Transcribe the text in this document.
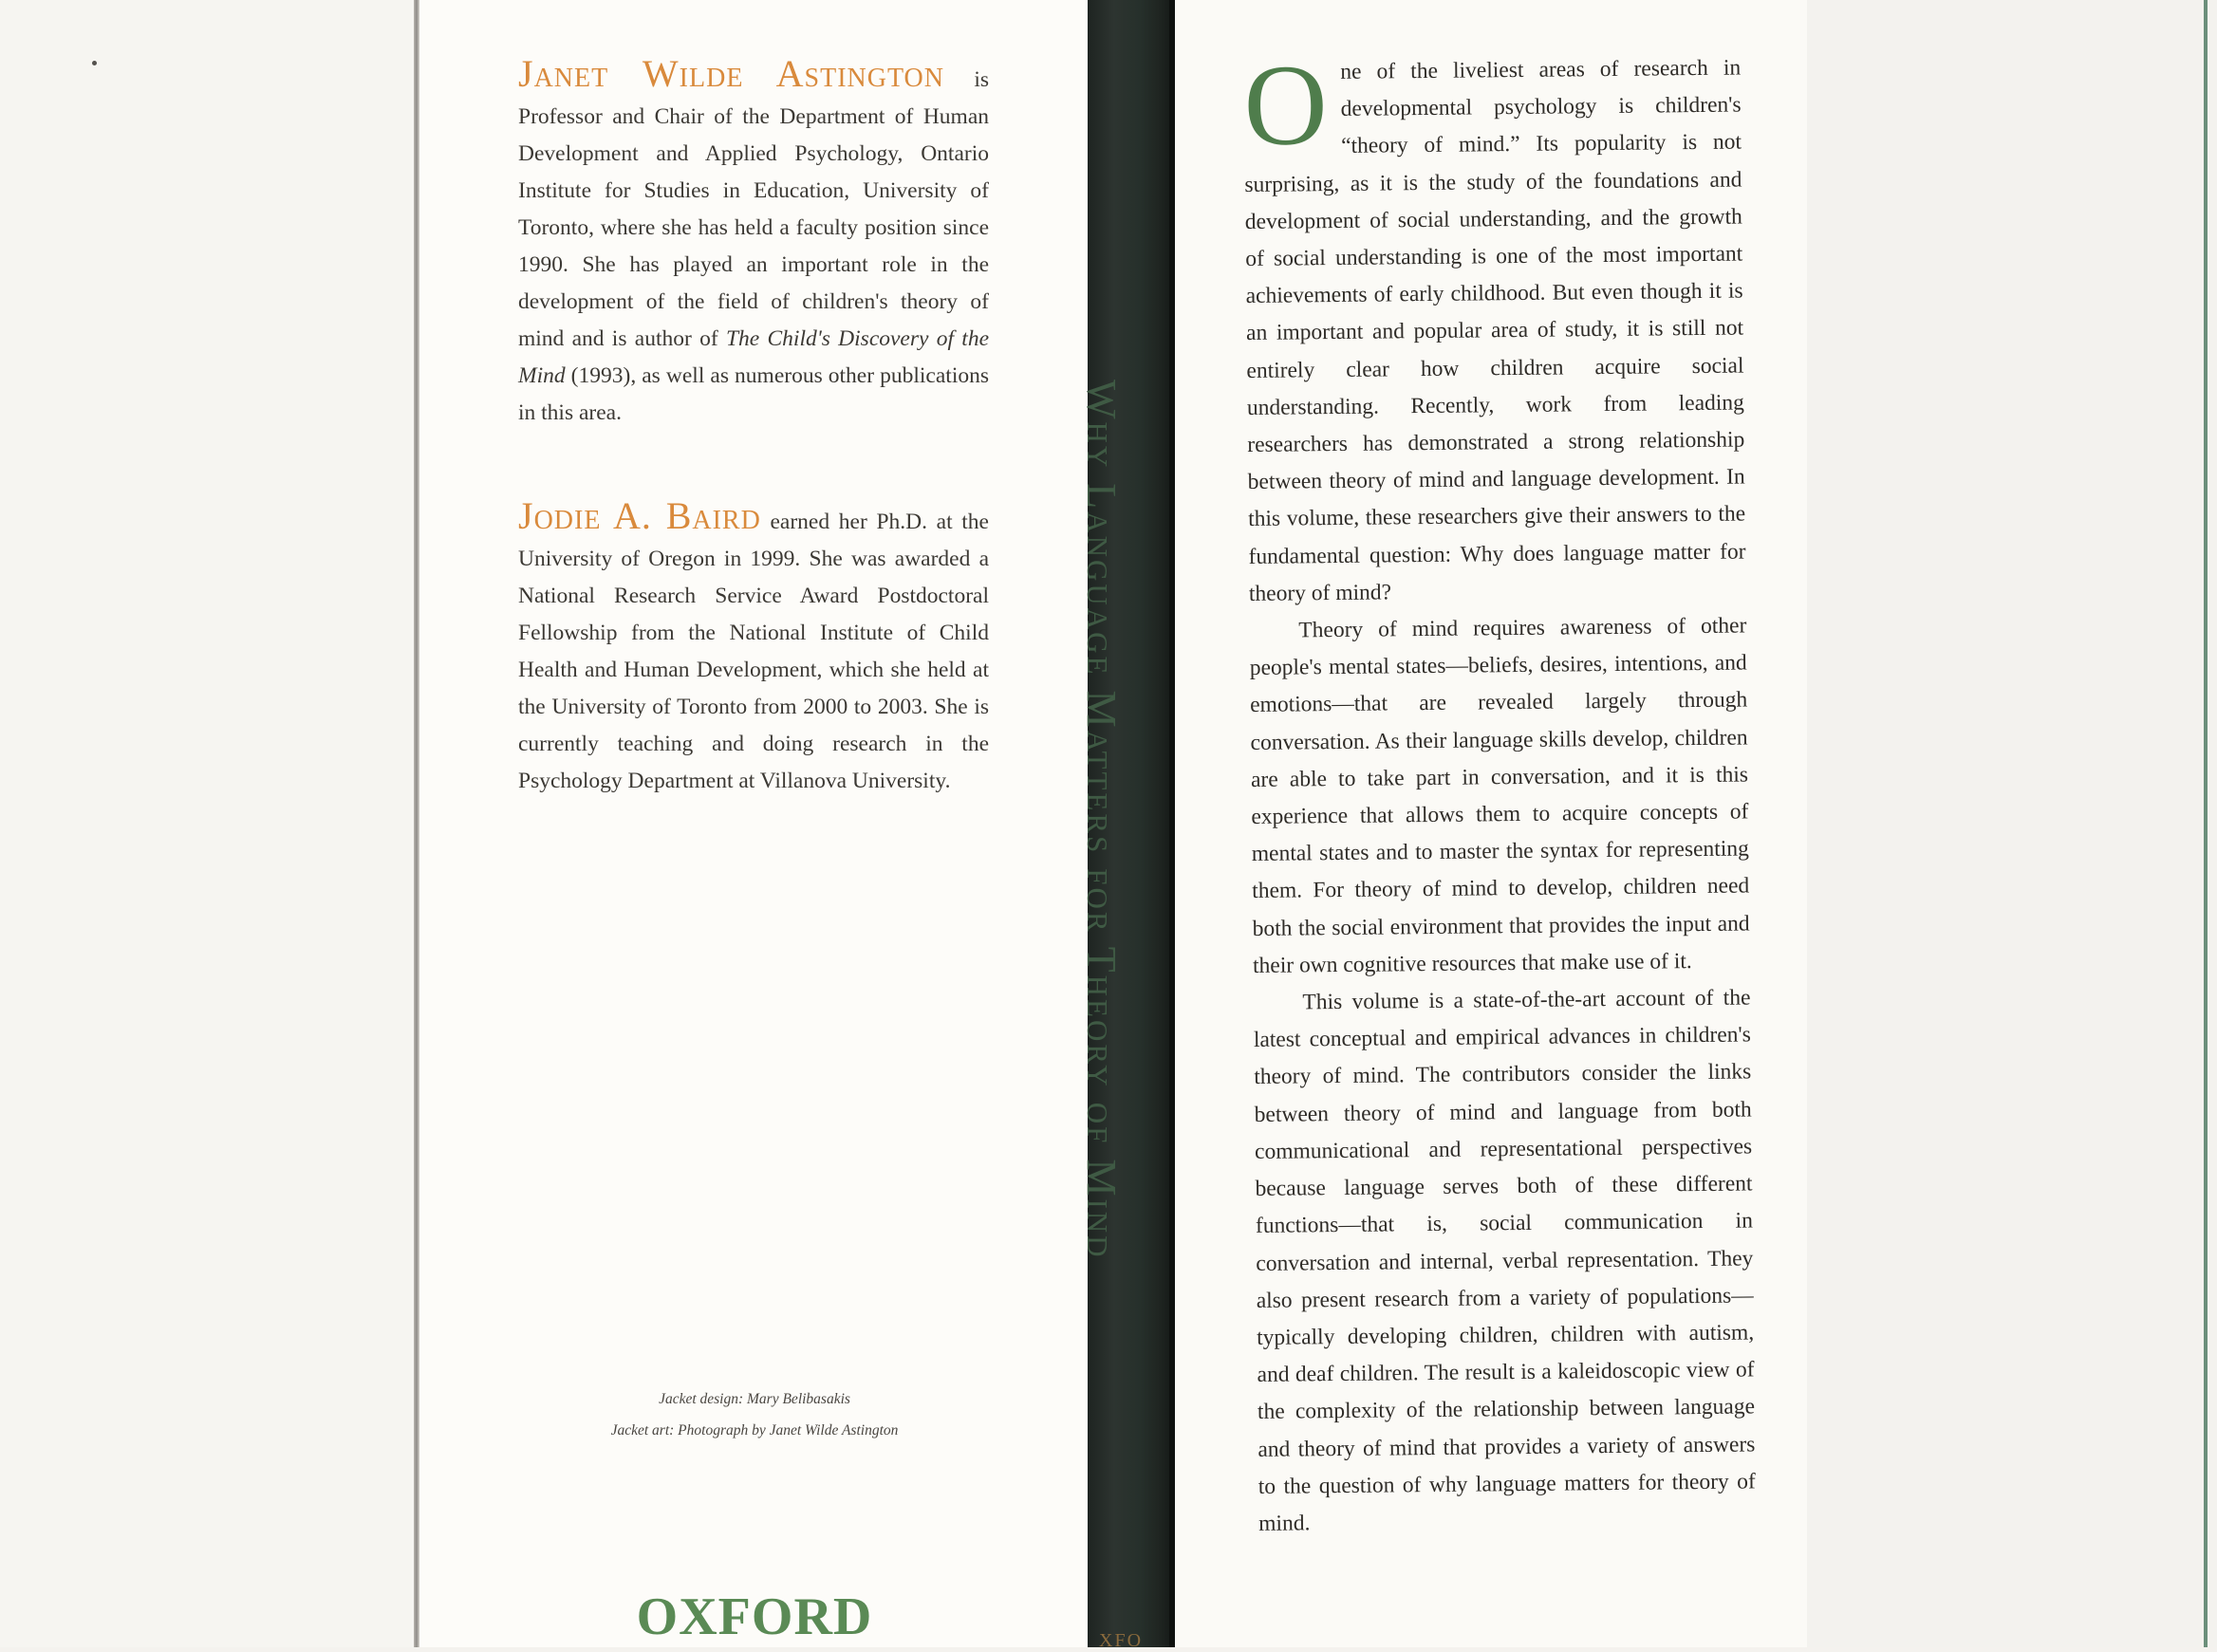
Janet Wilde Astington is Professor and Chair of the Department of Human Development and Applied Psychology, Ontario Institute for Studies in Education, University of Toronto, where she has held a faculty position since 1990. She has played an important role in the development of the field of children's theory of mind and is author of The Child's Discovery of the Mind (1993), as well as numerous other publications in this area.
Jodie A. Baird earned her Ph.D. at the University of Oregon in 1999. She was awarded a National Research Service Award Postdoctoral Fellowship from the National Institute of Child Health and Human Development, which she held at the University of Toronto from 2000 to 2003. She is currently teaching and doing research in the Psychology Department at Villanova University.
Jacket design: Mary Belibasakis
Jacket art: Photograph by Janet Wilde Astington
OXFORD
Why Language Matters for Theory of Mind
XFO

One of the liveliest areas of research in developmental psychology is children's “theory of mind.” Its popularity is not surprising, as it is the study of the foundations and development of social understanding, and the growth of social understanding is one of the most important achievements of early childhood. But even though it is an important and popular area of study, it is still not entirely clear how children acquire social understanding. Recently, work from leading researchers has demonstrated a strong relationship between theory of mind and language development. In this volume, these researchers give their answers to the fundamental question: Why does language matter for theory of mind?

Theory of mind requires awareness of other people's mental states—beliefs, desires, intentions, and emotions—that are revealed largely through conversation. As their language skills develop, children are able to take part in conversation, and it is this experience that allows them to acquire concepts of mental states and to master the syntax for representing them. For theory of mind to develop, children need both the social environment that provides the input and their own cognitive resources that make use of it.

This volume is a state-of-the-art account of the latest conceptual and empirical advances in children's theory of mind. The contributors consider the links between theory of mind and language from both communicational and representational perspectives because language serves both of these different functions—that is, social communication in conversation and internal, verbal representation. They also present research from a variety of populations—typically developing children, children with autism, and deaf children. The result is a kaleidoscopic view of the complexity of the relationship between language and theory of mind that provides a variety of answers to the question of why language matters for theory of mind.
